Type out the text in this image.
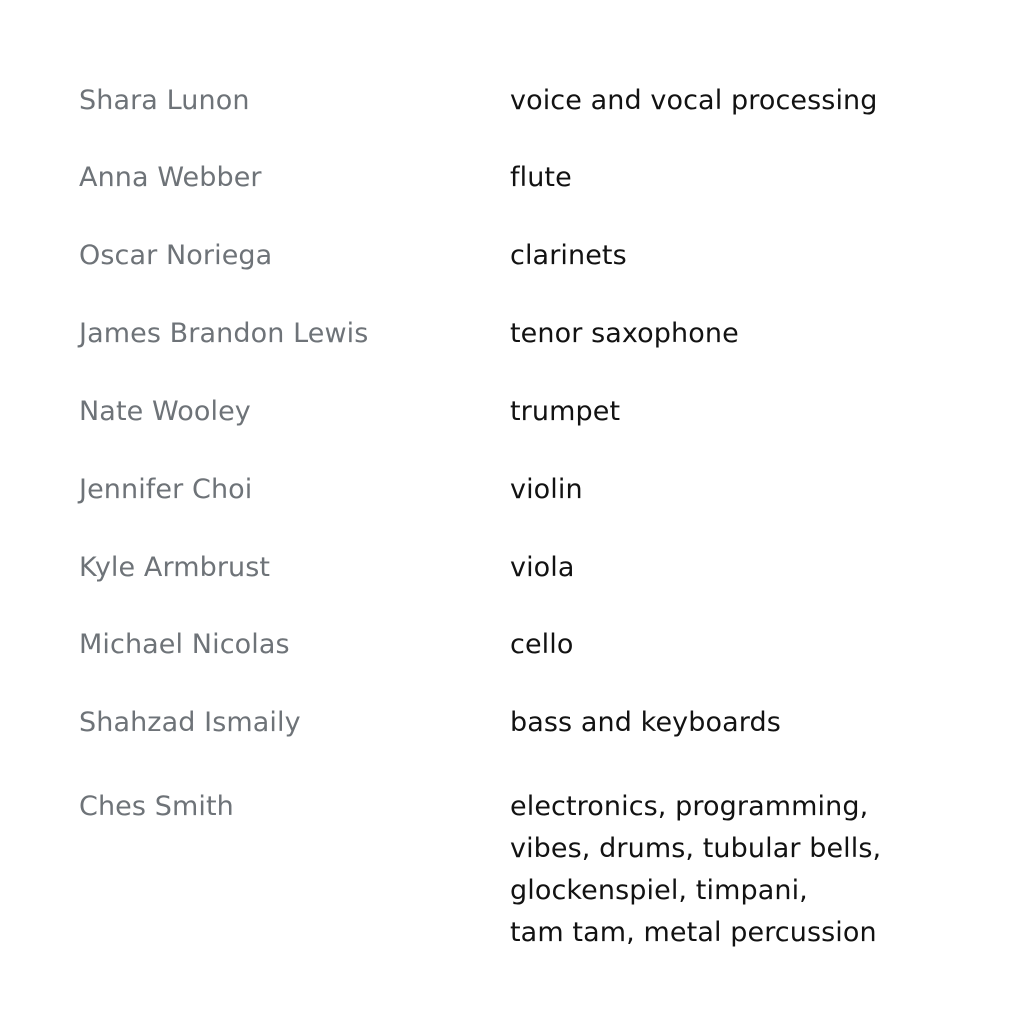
Shara Lunon	voice and vocal processing
Anna Webber	flute
Oscar Noriega	clarinets
James Brandon Lewis	tenor saxophone
Nate Wooley	trumpet
Jennifer Choi	violin
Kyle Armbrust	viola
Michael Nicolas	cello
Shahzad Ismaily	bass and keyboards
Ches Smith	electronics, programming,
vibes, drums, tubular bells,
glockenspiel, timpani,
tam tam, metal percussion
